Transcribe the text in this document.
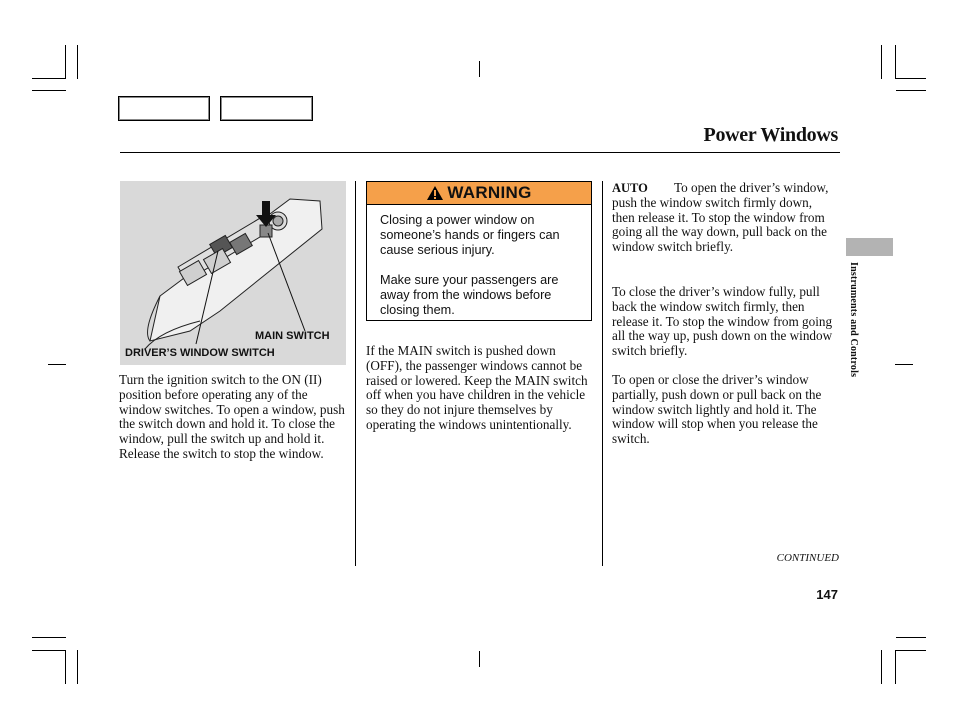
Power Windows
MAIN SWITCH
DRIVER’S WINDOW SWITCH
Turn the ignition switch to the ON (II) position before operating any of the window switches. To open a window, push the switch down and hold it. To close the window, pull the switch up and hold it. Release the switch to stop the window.
WARNING

Closing a power window on someone’s hands or fingers can cause serious injury.

Make sure your passengers are away from the windows before closing them.

If the MAIN switch is pushed down (OFF), the passenger windows cannot be raised or lowered. Keep the MAIN switch off when you have children in the vehicle so they do not injure themselves by operating the windows unintentionally.
AUTO	To open the driver’s window, push the window switch firmly down, then release it. To stop the window from going all the way down, pull back on the window switch briefly.
To close the driver’s window fully, pull back the window switch firmly, then release it. To stop the window from going all the way up, push down on the window switch briefly.
To open or close the driver’s window partially, push down or pull back on the window switch lightly and hold it. The window will stop when you release the switch.
Instruments and Controls
CONTINUED
147
